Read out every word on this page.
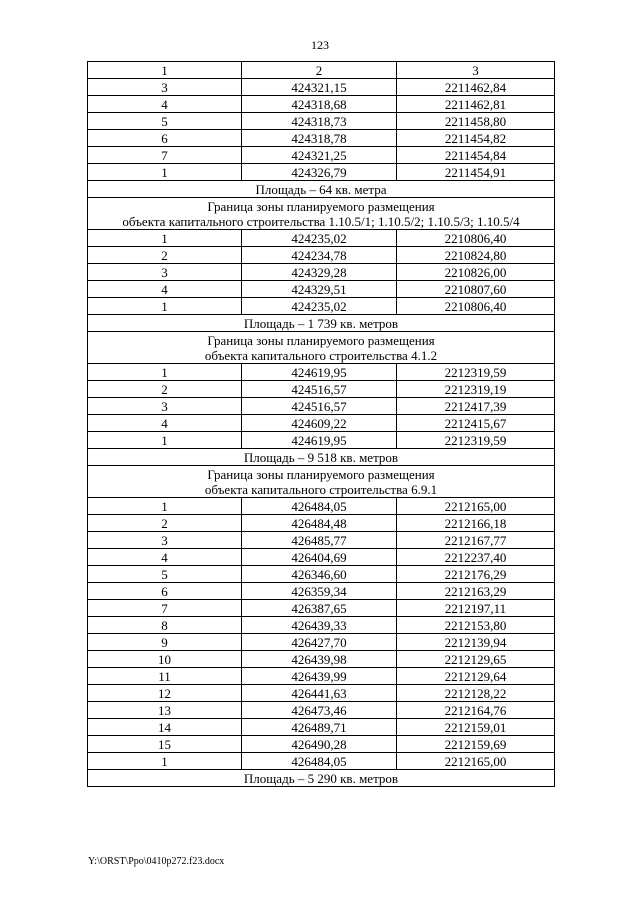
123
1	2	3
3	424321,15	2211462,84
4	424318,68	2211462,81
5	424318,73	2211458,80
6	424318,78	2211454,82
7	424321,25	2211454,84
1	424326,79	2211454,91
Площадь – 64 кв. метра		

Граница зоны планируемого размещения
объекта капитального строительства 1.10.5/1; 1.10.5/2; 1.10.5/3; 1.10.5/4		

1	424235,02	2210806,40
2	424234,78	2210824,80
3	424329,28	2210826,00
4	424329,51	2210807,60
1	424235,02	2210806,40
Площадь – 1 739 кв. метров		

Граница зоны планируемого размещения
объекта капитального строительства 4.1.2		

1	424619,95	2212319,59
2	424516,57	2212319,19
3	424516,57	2212417,39
4	424609,22	2212415,67
1	424619,95	2212319,59
Площадь – 9 518 кв. метров		

Граница зоны планируемого размещения
объекта капитального строительства 6.9.1		

1	426484,05	2212165,00
2	426484,48	2212166,18
3	426485,77	2212167,77
4	426404,69	2212237,40
5	426346,60	2212176,29
6	426359,34	2212163,29
7	426387,65	2212197,11
8	426439,33	2212153,80
9	426427,70	2212139,94
10	426439,98	2212129,65
11	426439,99	2212129,64
12	426441,63	2212128,22
13	426473,46	2212164,76
14	426489,71	2212159,01
15	426490,28	2212159,69
1	426484,05	2212165,00
Площадь – 5 290 кв. метров		
Y:\ORST\Ppo\0410p272.f23.docx
